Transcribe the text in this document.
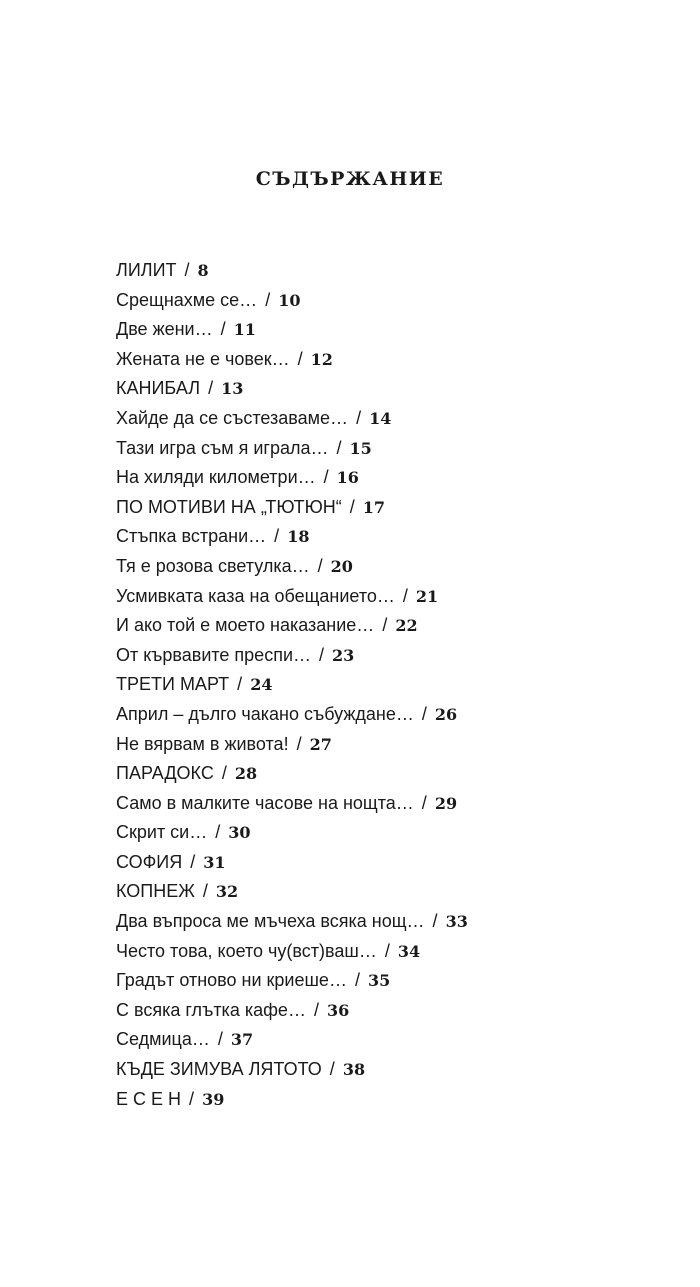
СЪДЪРЖАНИЕ
ЛИЛИТ / 8
Срещнахме се… / 10
Две жени… / 11
Жената не е човек… / 12
КАНИБАЛ / 13
Хайде да се състезаваме… / 14
Тази игра съм я играла… / 15
На хиляди километри… / 16
ПО МОТИВИ НА „ТЮТЮН“ / 17
Стъпка встрани… / 18
Тя е розова светулка… / 20
Усмивката каза на обещанието… / 21
И ако той е моето наказание… / 22
От кървавите преспи… / 23
ТРЕТИ МАРТ / 24
Април – дълго чакано събуждане… / 26
Не вярвам в живота! / 27
ПАРАДОКС / 28
Само в малките часове на нощта… / 29
Скрит си… / 30
СОФИЯ / 31
КОПНЕЖ / 32
Два въпроса ме мъчеха всяка нощ… / 33
Често това, което чу(вст)ваш… / 34
Градът отново ни криеше… / 35
С всяка глътка кафе… / 36
Седмица… / 37
КЪДЕ ЗИМУВА ЛЯТОТО / 38
Е С Е Н / 39
